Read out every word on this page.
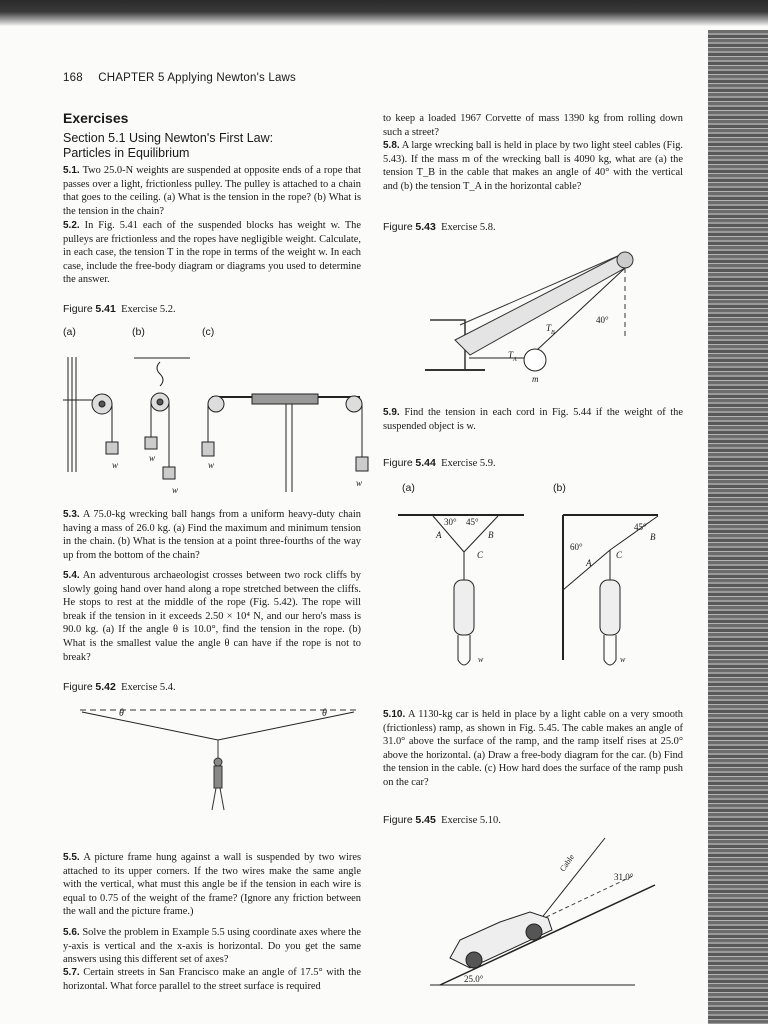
168 CHAPTER 5 Applying Newton's Laws
Exercises
Section 5.1 Using Newton's First Law:
Particles in Equilibrium

5.1. Two 25.0-N weights are suspended at opposite ends of a rope that passes over a light, frictionless pulley. The pulley is attached to a chain that goes to the ceiling. (a) What is the tension in the rope? (b) What is the tension in the chain?

5.2. In Fig. 5.41 each of the suspended blocks has weight w. The pulleys are frictionless and the ropes have negligible weight. Calculate, in each case, the tension T in the rope in terms of the weight w. In each case, include the free-body diagram or diagrams you used to determine the answer.

Figure 5.41 Exercise 5.2.
(a)	(b)	(c)
w
w
w
w
w

5.3. A 75.0-kg wrecking ball hangs from a uniform heavy-duty chain having a mass of 26.0 kg. (a) Find the maximum and minimum tension in the chain. (b) What is the tension at a point three-fourths of the way up from the bottom of the chain?

5.4. An adventurous archaeologist crosses between two rock cliffs by slowly going hand over hand along a rope stretched between the cliffs. He stops to rest at the middle of the rope (Fig. 5.42). The rope will break if the tension in it exceeds 2.50 × 10⁴ N, and our hero's mass is 90.0 kg. (a) If the angle θ is 10.0°, find the tension in the rope. (b) What is the smallest value the angle θ can have if the rope is not to break?

Figure 5.42 Exercise 5.4.
θ	θ

5.5. A picture frame hung against a wall is suspended by two wires attached to its upper corners. If the two wires make the same angle with the vertical, what must this angle be if the tension in each wire is equal to 0.75 of the weight of the frame? (Ignore any friction between the wall and the picture frame.)

5.6. Solve the problem in Example 5.5 using coordinate axes where the y-axis is vertical and the x-axis is horizontal. Do you get the same answers using this different set of axes?

5.7. Certain streets in San Francisco make an angle of 17.5° with the horizontal. What force parallel to the street surface is required

to keep a loaded 1967 Corvette of mass 1390 kg from rolling down such a street?

5.8. A large wrecking ball is held in place by two light steel cables (Fig. 5.43). If the mass m of the wrecking ball is 4090 kg, what are (a) the tension T_B in the cable that makes an angle of 40° with the vertical and (b) the tension T_A in the horizontal cable?

Figure 5.43 Exercise 5.8.
40°
$T_B$
$T_A$
m

5.9. Find the tension in each cord in Fig. 5.44 if the weight of the suspended object is w.

Figure 5.44 Exercise 5.9.
(a)	(b)
30° 45°
A	B
C
w
45°
B
60°
C
A
w

5.10. A 1130-kg car is held in place by a light cable on a very smooth (frictionless) ramp, as shown in Fig. 5.45. The cable makes an angle of 31.0° above the surface of the ramp, and the ramp itself rises at 25.0° above the horizontal. (a) Draw a free-body diagram for the car. (b) Find the tension in the cable. (c) How hard does the surface of the ramp push on the car?

Figure 5.45 Exercise 5.10.
Cable
31.0°
25.0°
